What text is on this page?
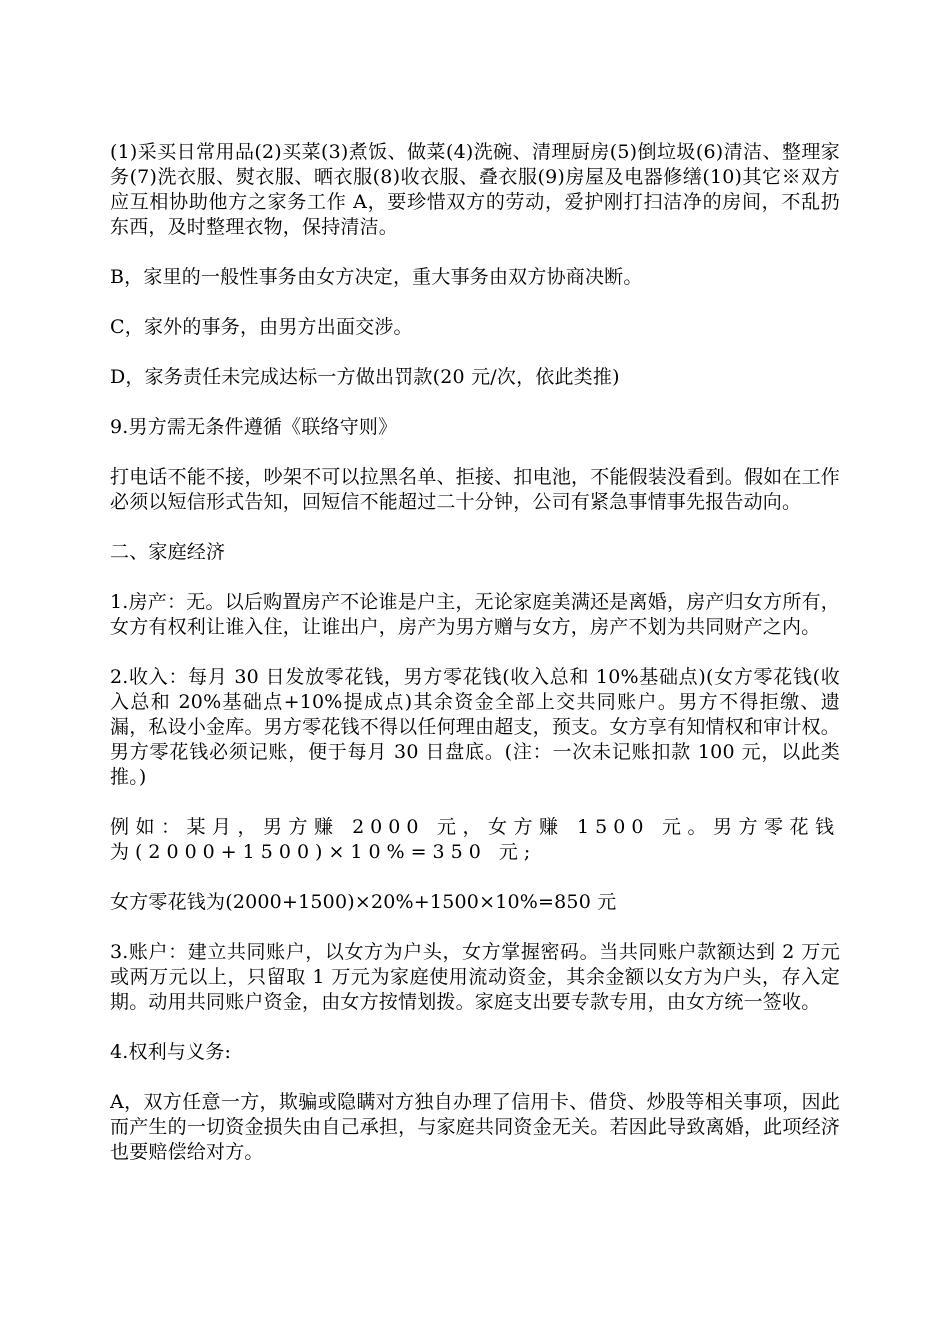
(1)采买日常用品(2)买菜(3)煮饭、做菜(4)洗碗、清理厨房(5)倒垃圾(6)清洁、整理家务(7)洗衣服、熨衣服、晒衣服(8)收衣服、叠衣服(9)房屋及电器修缮(10)其它※双方应互相协助他方之家务工作 A，要珍惜双方的劳动，爱护刚打扫洁净的房间，不乱扔东西，及时整理衣物，保持清洁。

B，家里的一般性事务由女方决定，重大事务由双方协商决断。

C，家外的事务，由男方出面交涉。

D，家务责任未完成达标一方做出罚款(20 元/次，依此类推)

9.男方需无条件遵循《联络守则》

打电话不能不接，吵架不可以拉黑名单、拒接、扣电池，不能假装没看到。假如在工作必须以短信形式告知，回短信不能超过二十分钟，公司有紧急事情事先报告动向。

二、家庭经济

1.房产：无。以后购置房产不论谁是户主，无论家庭美满还是离婚，房产归女方所有，女方有权利让谁入住，让谁出户，房产为男方赠与女方，房产不划为共同财产之内。

2.收入：每月 30 日发放零花钱，男方零花钱(收入总和 10%基础点)(女方零花钱(收入总和 20%基础点+10%提成点)其余资金全部上交共同账户。男方不得拒缴、遗漏，私设小金库。男方零花钱不得以任何理由超支，预支。女方享有知情权和审计权。男方零花钱必须记账，便于每月 30 日盘底。(注：一次未记账扣款 100 元，以此类推。)

例如：某月，男方赚 2000 元，女方赚 1500 元。男方零花钱为(2000+1500)×10%=350 元;

女方零花钱为(2000+1500)×20%+1500×10%=850 元

3.账户：建立共同账户，以女方为户头，女方掌握密码。当共同账户款额达到 2 万元或两万元以上，只留取 1 万元为家庭使用流动资金，其余金额以女方为户头，存入定期。动用共同账户资金，由女方按情划拨。家庭支出要专款专用，由女方统一签收。

4.权利与义务:

A，双方任意一方，欺骗或隐瞒对方独自办理了信用卡、借贷、炒股等相关事项，因此而产生的一切资金损失由自己承担，与家庭共同资金无关。若因此导致离婚，此项经济也要赔偿给对方。
